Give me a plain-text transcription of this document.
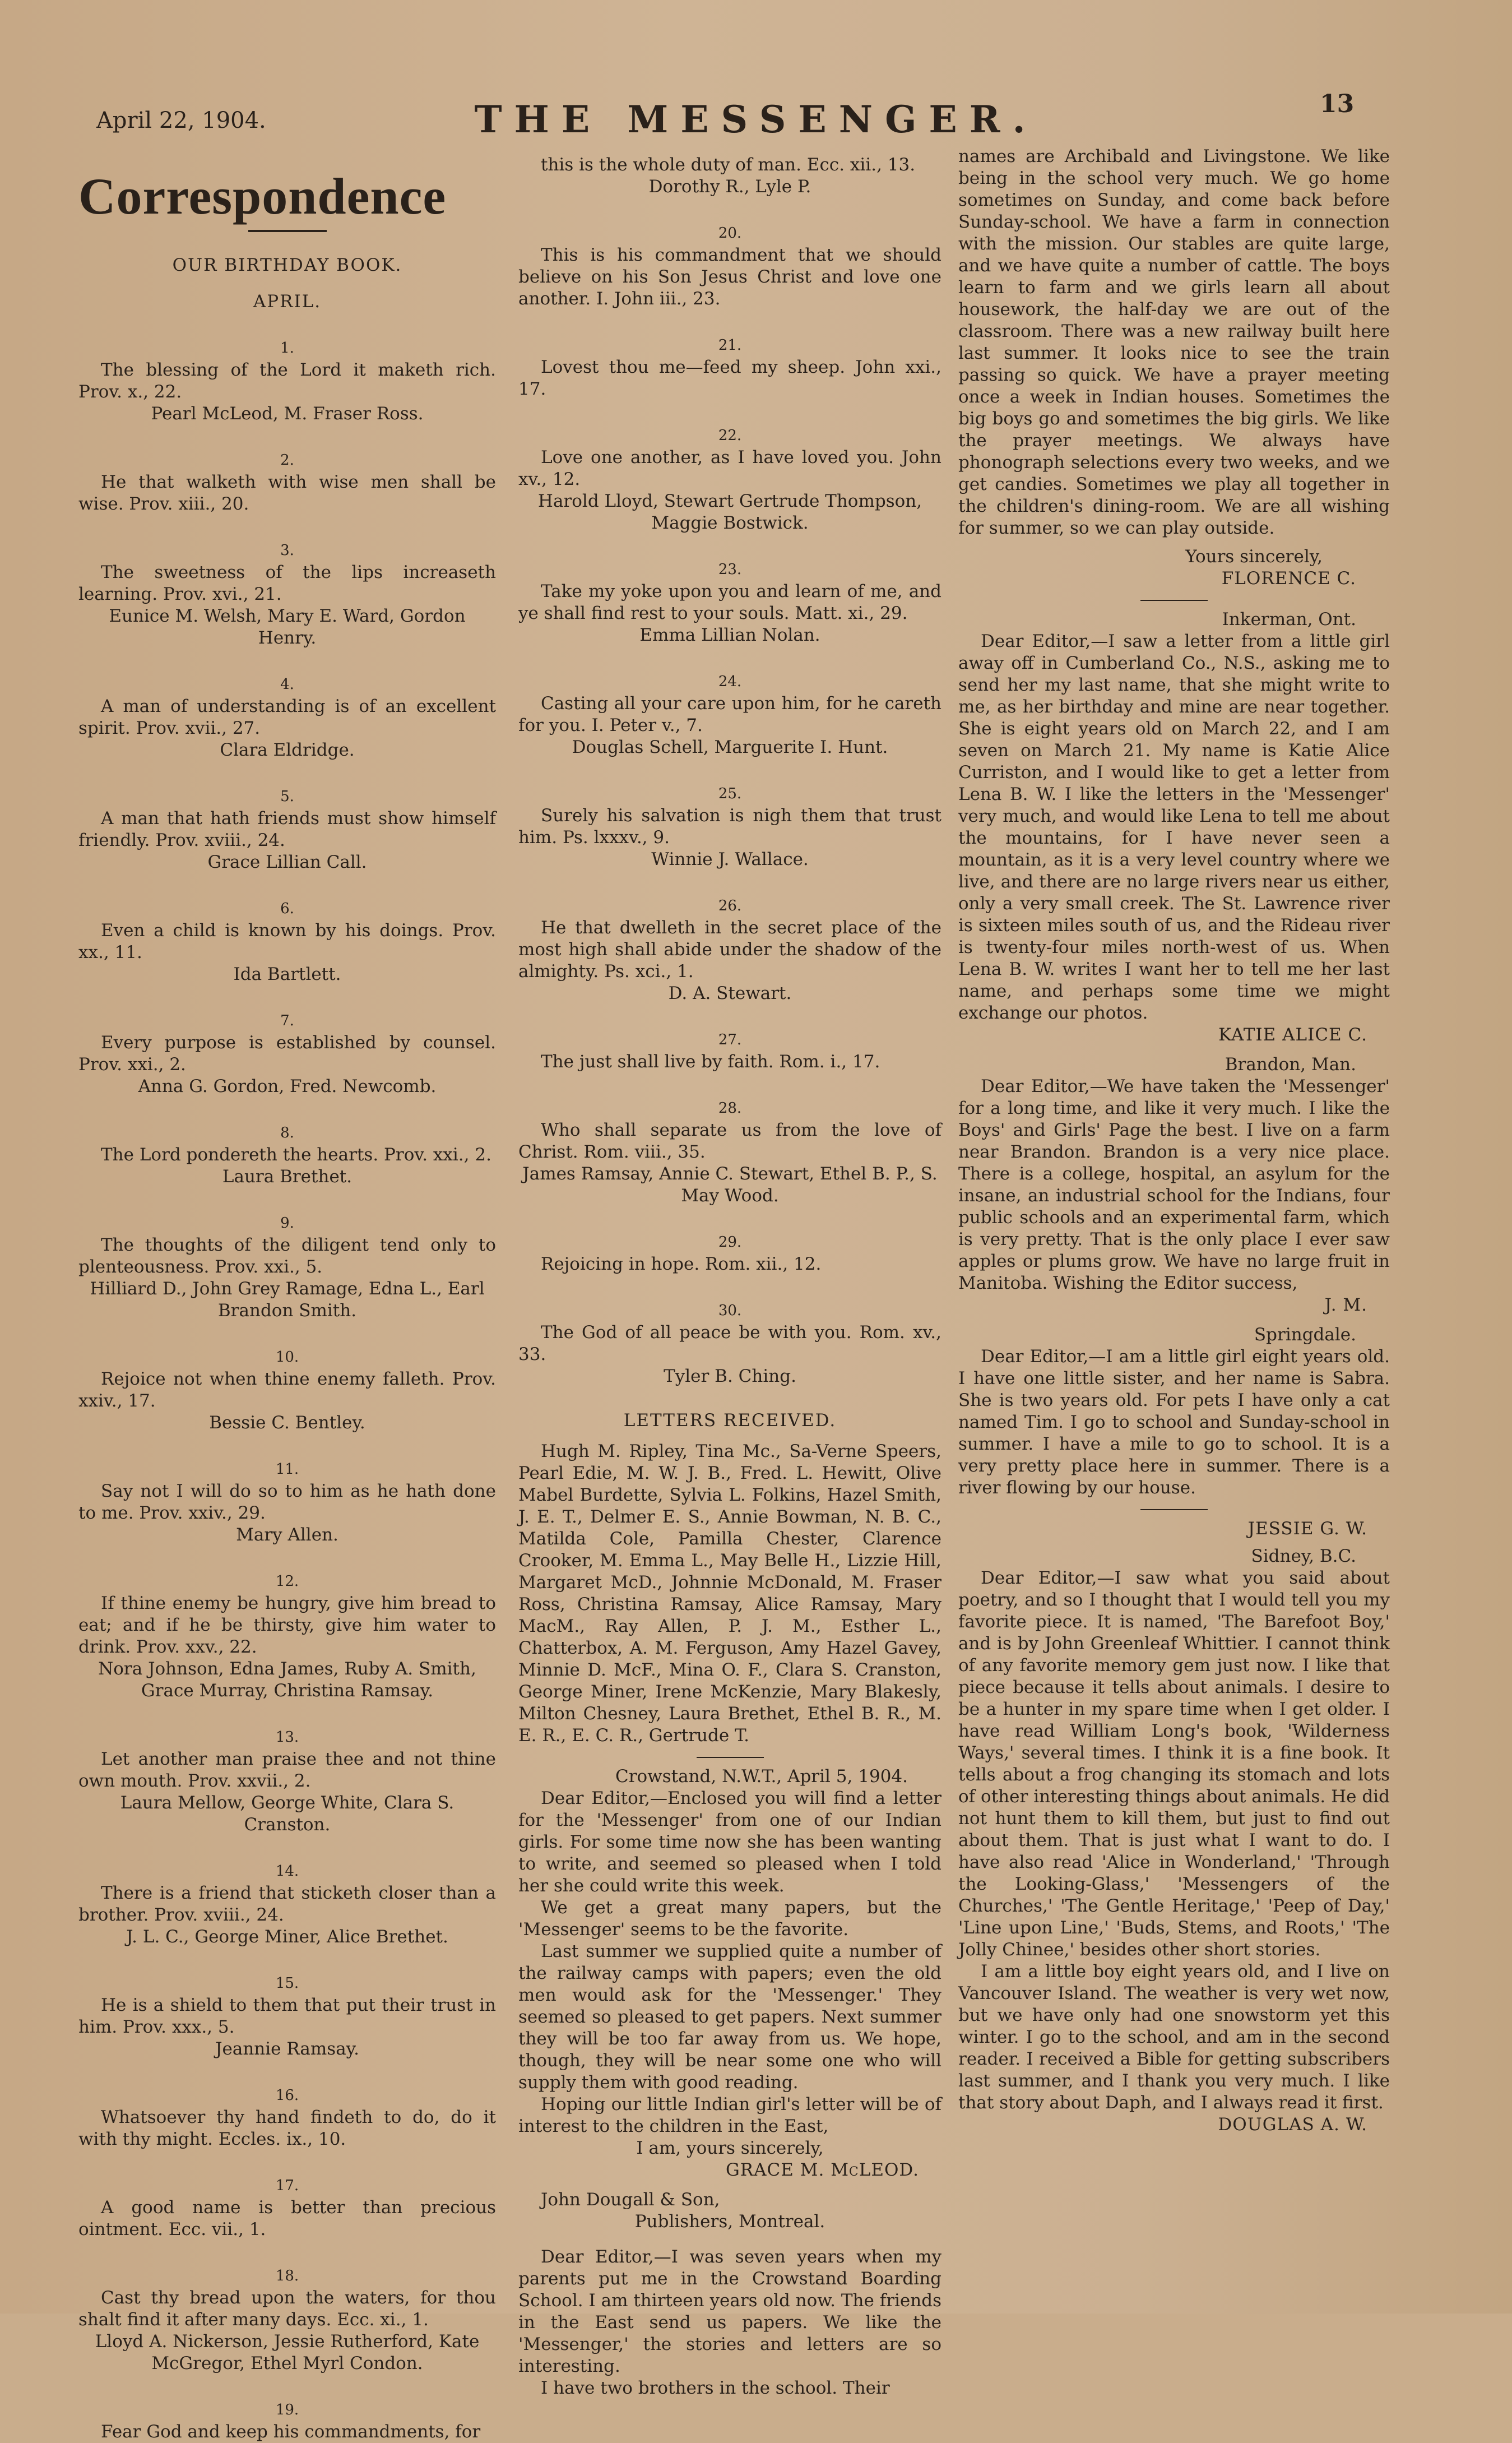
April 22, 1904.	THE MESSENGER.	13
Correspondence

OUR BIRTHDAY BOOK.

APRIL.

1.

The blessing of the Lord it maketh rich. Prov. x., 22.

Pearl McLeod, M. Fraser Ross.

2.

He that walketh with wise men shall be wise. Prov. xiii., 20.

3.

The sweetness of the lips increaseth learning. Prov. xvi., 21.

Eunice M. Welsh, Mary E. Ward, Gordon Henry.

4.

A man of understanding is of an excellent spirit. Prov. xvii., 27.

Clara Eldridge.

5.

A man that hath friends must show himself friendly. Prov. xviii., 24.

Grace Lillian Call.

6.

Even a child is known by his doings. Prov. xx., 11.

Ida Bartlett.

7.

Every purpose is established by counsel. Prov. xxi., 2.

Anna G. Gordon, Fred. Newcomb.

8.

The Lord pondereth the hearts. Prov. xxi., 2.

Laura Brethet.

9.

The thoughts of the diligent tend only to plenteousness. Prov. xxi., 5.

Hilliard D., John Grey Ramage, Edna L., Earl Brandon Smith.

10.

Rejoice not when thine enemy falleth. Prov. xxiv., 17.

Bessie C. Bentley.

11.

Say not I will do so to him as he hath done to me. Prov. xxiv., 29.

Mary Allen.

12.

If thine enemy be hungry, give him bread to eat; and if he be thirsty, give him water to drink. Prov. xxv., 22.

Nora Johnson, Edna James, Ruby A. Smith, Grace Murray, Christina Ramsay.

13.

Let another man praise thee and not thine own mouth. Prov. xxvii., 2.

Laura Mellow, George White, Clara S. Cranston.

14.

There is a friend that sticketh closer than a brother. Prov. xviii., 24.

J. L. C., George Miner, Alice Brethet.

15.

He is a shield to them that put their trust in him. Prov. xxx., 5.

Jeannie Ramsay.

16.

Whatsoever thy hand findeth to do, do it with thy might. Eccles. ix., 10.

17.

A good name is better than precious ointment. Ecc. vii., 1.

18.

Cast thy bread upon the waters, for thou shalt find it after many days. Ecc. xi., 1.

Lloyd A. Nickerson, Jessie Rutherford, Kate McGregor, Ethel Myrl Condon.

19.

Fear God and keep his commandments, for

this is the whole duty of man. Ecc. xii., 13.

Dorothy R., Lyle P.

20.

This is his commandment that we should believe on his Son Jesus Christ and love one another. I. John iii., 23.

21.

Lovest thou me—feed my sheep. John xxi., 17.

22.

Love one another, as I have loved you. John xv., 12.

Harold Lloyd, Stewart Gertrude Thompson, Maggie Bostwick.

23.

Take my yoke upon you and learn of me, and ye shall find rest to your souls. Matt. xi., 29.

Emma Lillian Nolan.

24.

Casting all your care upon him, for he careth for you. I. Peter v., 7.

Douglas Schell, Marguerite I. Hunt.

25.

Surely his salvation is nigh them that trust him. Ps. lxxxv., 9.

Winnie J. Wallace.

26.

He that dwelleth in the secret place of the most high shall abide under the shadow of the almighty. Ps. xci., 1.

D. A. Stewart.

27.

The just shall live by faith. Rom. i., 17.

28.

Who shall separate us from the love of Christ. Rom. viii., 35.

James Ramsay, Annie C. Stewart, Ethel B. P., S. May Wood.

29.

Rejoicing in hope. Rom. xii., 12.

30.

The God of all peace be with you. Rom. xv., 33.

Tyler B. Ching.

LETTERS RECEIVED.

Hugh M. Ripley, Tina Mc., Sa-Verne Speers, Pearl Edie, M. W. J. B., Fred. L. Hewitt, Olive Mabel Burdette, Sylvia L. Folkins, Hazel Smith, J. E. T., Delmer E. S., Annie Bowman, N. B. C., Matilda Cole, Pamilla Chester, Clarence Crooker, M. Emma L., May Belle H., Lizzie Hill, Margaret McD., Johnnie McDonald, M. Fraser Ross, Christina Ramsay, Alice Ramsay, Mary MacM., Ray Allen, P. J. M., Esther L., Chatterbox, A. M. Ferguson, Amy Hazel Gavey, Minnie D. McF., Mina O. F., Clara S. Cranston, George Miner, Irene McKenzie, Mary Blakesly, Milton Chesney, Laura Brethet, Ethel B. R., M. E. R., E. C. R., Gertrude T.

Crowstand, N.W.T., April 5, 1904.

Dear Editor,—Enclosed you will find a letter for the 'Messenger' from one of our Indian girls. For some time now she has been wanting to write, and seemed so pleased when I told her she could write this week.

We get a great many papers, but the 'Messenger' seems to be the favorite.

Last summer we supplied quite a number of the railway camps with papers; even the old men would ask for the 'Messenger.' They seemed so pleased to get papers. Next summer they will be too far away from us. We hope, though, they will be near some one who will supply them with good reading.

Hoping our little Indian girl's letter will be of interest to the children in the East,

I am, yours sincerely,

GRACE M. McLEOD.

John Dougall & Son,

Publishers, Montreal.

Dear Editor,—I was seven years when my parents put me in the Crowstand Boarding School. I am thirteen years old now. The friends in the East send us papers. We like the 'Messenger,' the stories and letters are so interesting.

I have two brothers in the school. Their

names are Archibald and Livingstone. We like being in the school very much. We go home sometimes on Sunday, and come back before Sunday-school. We have a farm in connection with the mission. Our stables are quite large, and we have quite a number of cattle. The boys learn to farm and we girls learn all about housework, the half-day we are out of the classroom. There was a new railway built here last summer. It looks nice to see the train passing so quick. We have a prayer meeting once a week in Indian houses. Sometimes the big boys go and sometimes the big girls. We like the prayer meetings. We always have phonograph selections every two weeks, and we get candies. Sometimes we play all together in the children's dining-room. We are all wishing for summer, so we can play outside.

Yours sincerely,

FLORENCE C.

Inkerman, Ont.

Dear Editor,—I saw a letter from a little girl away off in Cumberland Co., N.S., asking me to send her my last name, that she might write to me, as her birthday and mine are near together. She is eight years old on March 22, and I am seven on March 21. My name is Katie Alice Curriston, and I would like to get a letter from Lena B. W. I like the letters in the 'Messenger' very much, and would like Lena to tell me about the mountains, for I have never seen a mountain, as it is a very level country where we live, and there are no large rivers near us either, only a very small creek. The St. Lawrence river is sixteen miles south of us, and the Rideau river is twenty-four miles north-west of us. When Lena B. W. writes I want her to tell me her last name, and perhaps some time we might exchange our photos.

KATIE ALICE C.

Brandon, Man.

Dear Editor,—We have taken the 'Messenger' for a long time, and like it very much. I like the Boys' and Girls' Page the best. I live on a farm near Brandon. Brandon is a very nice place. There is a college, hospital, an asylum for the insane, an industrial school for the Indians, four public schools and an experimental farm, which is very pretty. That is the only place I ever saw apples or plums grow. We have no large fruit in Manitoba. Wishing the Editor success,

J. M.

Springdale.

Dear Editor,—I am a little girl eight years old. I have one little sister, and her name is Sabra. She is two years old. For pets I have only a cat named Tim. I go to school and Sunday-school in summer. I have a mile to go to school. It is a very pretty place here in summer. There is a river flowing by our house.

JESSIE G. W.

Sidney, B.C.

Dear Editor,—I saw what you said about poetry, and so I thought that I would tell you my favorite piece. It is named, 'The Barefoot Boy,' and is by John Greenleaf Whittier. I cannot think of any favorite memory gem just now. I like that piece because it tells about animals. I desire to be a hunter in my spare time when I get older. I have read William Long's book, 'Wilderness Ways,' several times. I think it is a fine book. It tells about a frog changing its stomach and lots of other interesting things about animals. He did not hunt them to kill them, but just to find out about them. That is just what I want to do. I have also read 'Alice in Wonderland,' 'Through the Looking-Glass,' 'Messengers of the Churches,' 'The Gentle Heritage,' 'Peep of Day,' 'Line upon Line,' 'Buds, Stems, and Roots,' 'The Jolly Chinee,' besides other short stories.

I am a little boy eight years old, and I live on Vancouver Island. The weather is very wet now, but we have only had one snowstorm yet this winter. I go to the school, and am in the second reader. I received a Bible for getting subscribers last summer, and I thank you very much. I like that story about Daph, and I always read it first.

DOUGLAS A. W.
